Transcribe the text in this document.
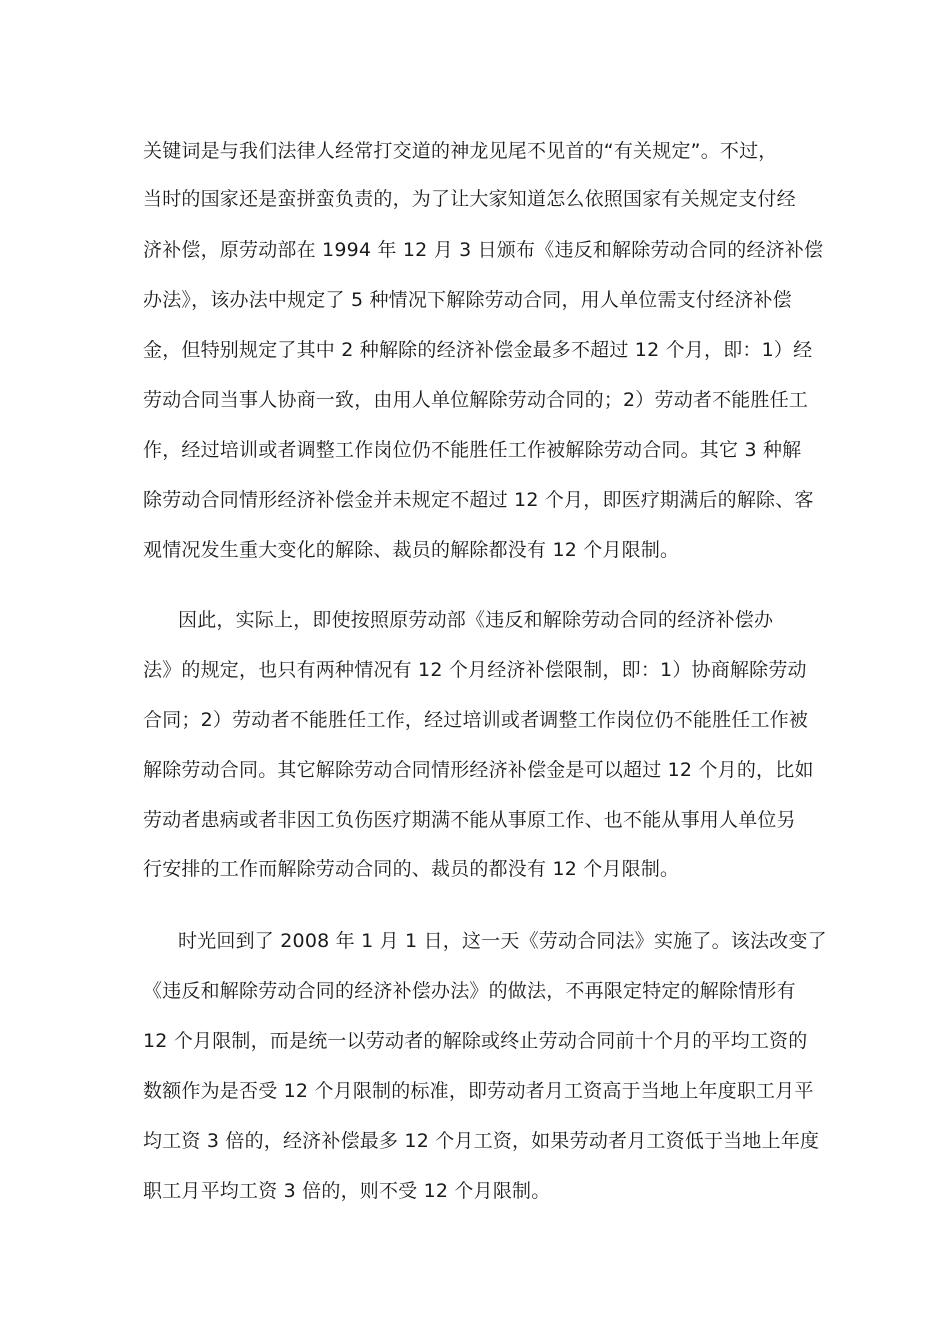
关键词是与我们法律人经常打交道的神龙见尾不见首的“有关规定”。不过，
当时的国家还是蛮拼蛮负责的，为了让大家知道怎么依照国家有关规定支付经
济补偿，原劳动部在 1994 年 12 月 3 日颁布《违反和解除劳动合同的经济补偿
办法》，该办法中规定了 5 种情况下解除劳动合同，用人单位需支付经济补偿
金，但特别规定了其中 2 种解除的经济补偿金最多不超过 12 个月，即：1）经
劳动合同当事人协商一致，由用人单位解除劳动合同的；2）劳动者不能胜任工
作，经过培训或者调整工作岗位仍不能胜任工作被解除劳动合同。其它 3 种解
除劳动合同情形经济补偿金并未规定不超过 12 个月，即医疗期满后的解除、客
观情况发生重大变化的解除、裁员的解除都没有 12 个月限制。
因此，实际上，即使按照原劳动部《违反和解除劳动合同的经济补偿办
法》的规定，也只有两种情况有 12 个月经济补偿限制，即：1）协商解除劳动
合同；2）劳动者不能胜任工作，经过培训或者调整工作岗位仍不能胜任工作被
解除劳动合同。其它解除劳动合同情形经济补偿金是可以超过 12 个月的，比如
劳动者患病或者非因工负伤医疗期满不能从事原工作、也不能从事用人单位另
行安排的工作而解除劳动合同的、裁员的都没有 12 个月限制。
时光回到了 2008 年 1 月 1 日，这一天《劳动合同法》实施了。该法改变了
《违反和解除劳动合同的经济补偿办法》的做法，不再限定特定的解除情形有
12 个月限制，而是统一以劳动者的解除或终止劳动合同前十个月的平均工资的
数额作为是否受 12 个月限制的标准，即劳动者月工资高于当地上年度职工月平
均工资 3 倍的，经济补偿最多 12 个月工资，如果劳动者月工资低于当地上年度
职工月平均工资 3 倍的，则不受 12 个月限制。
